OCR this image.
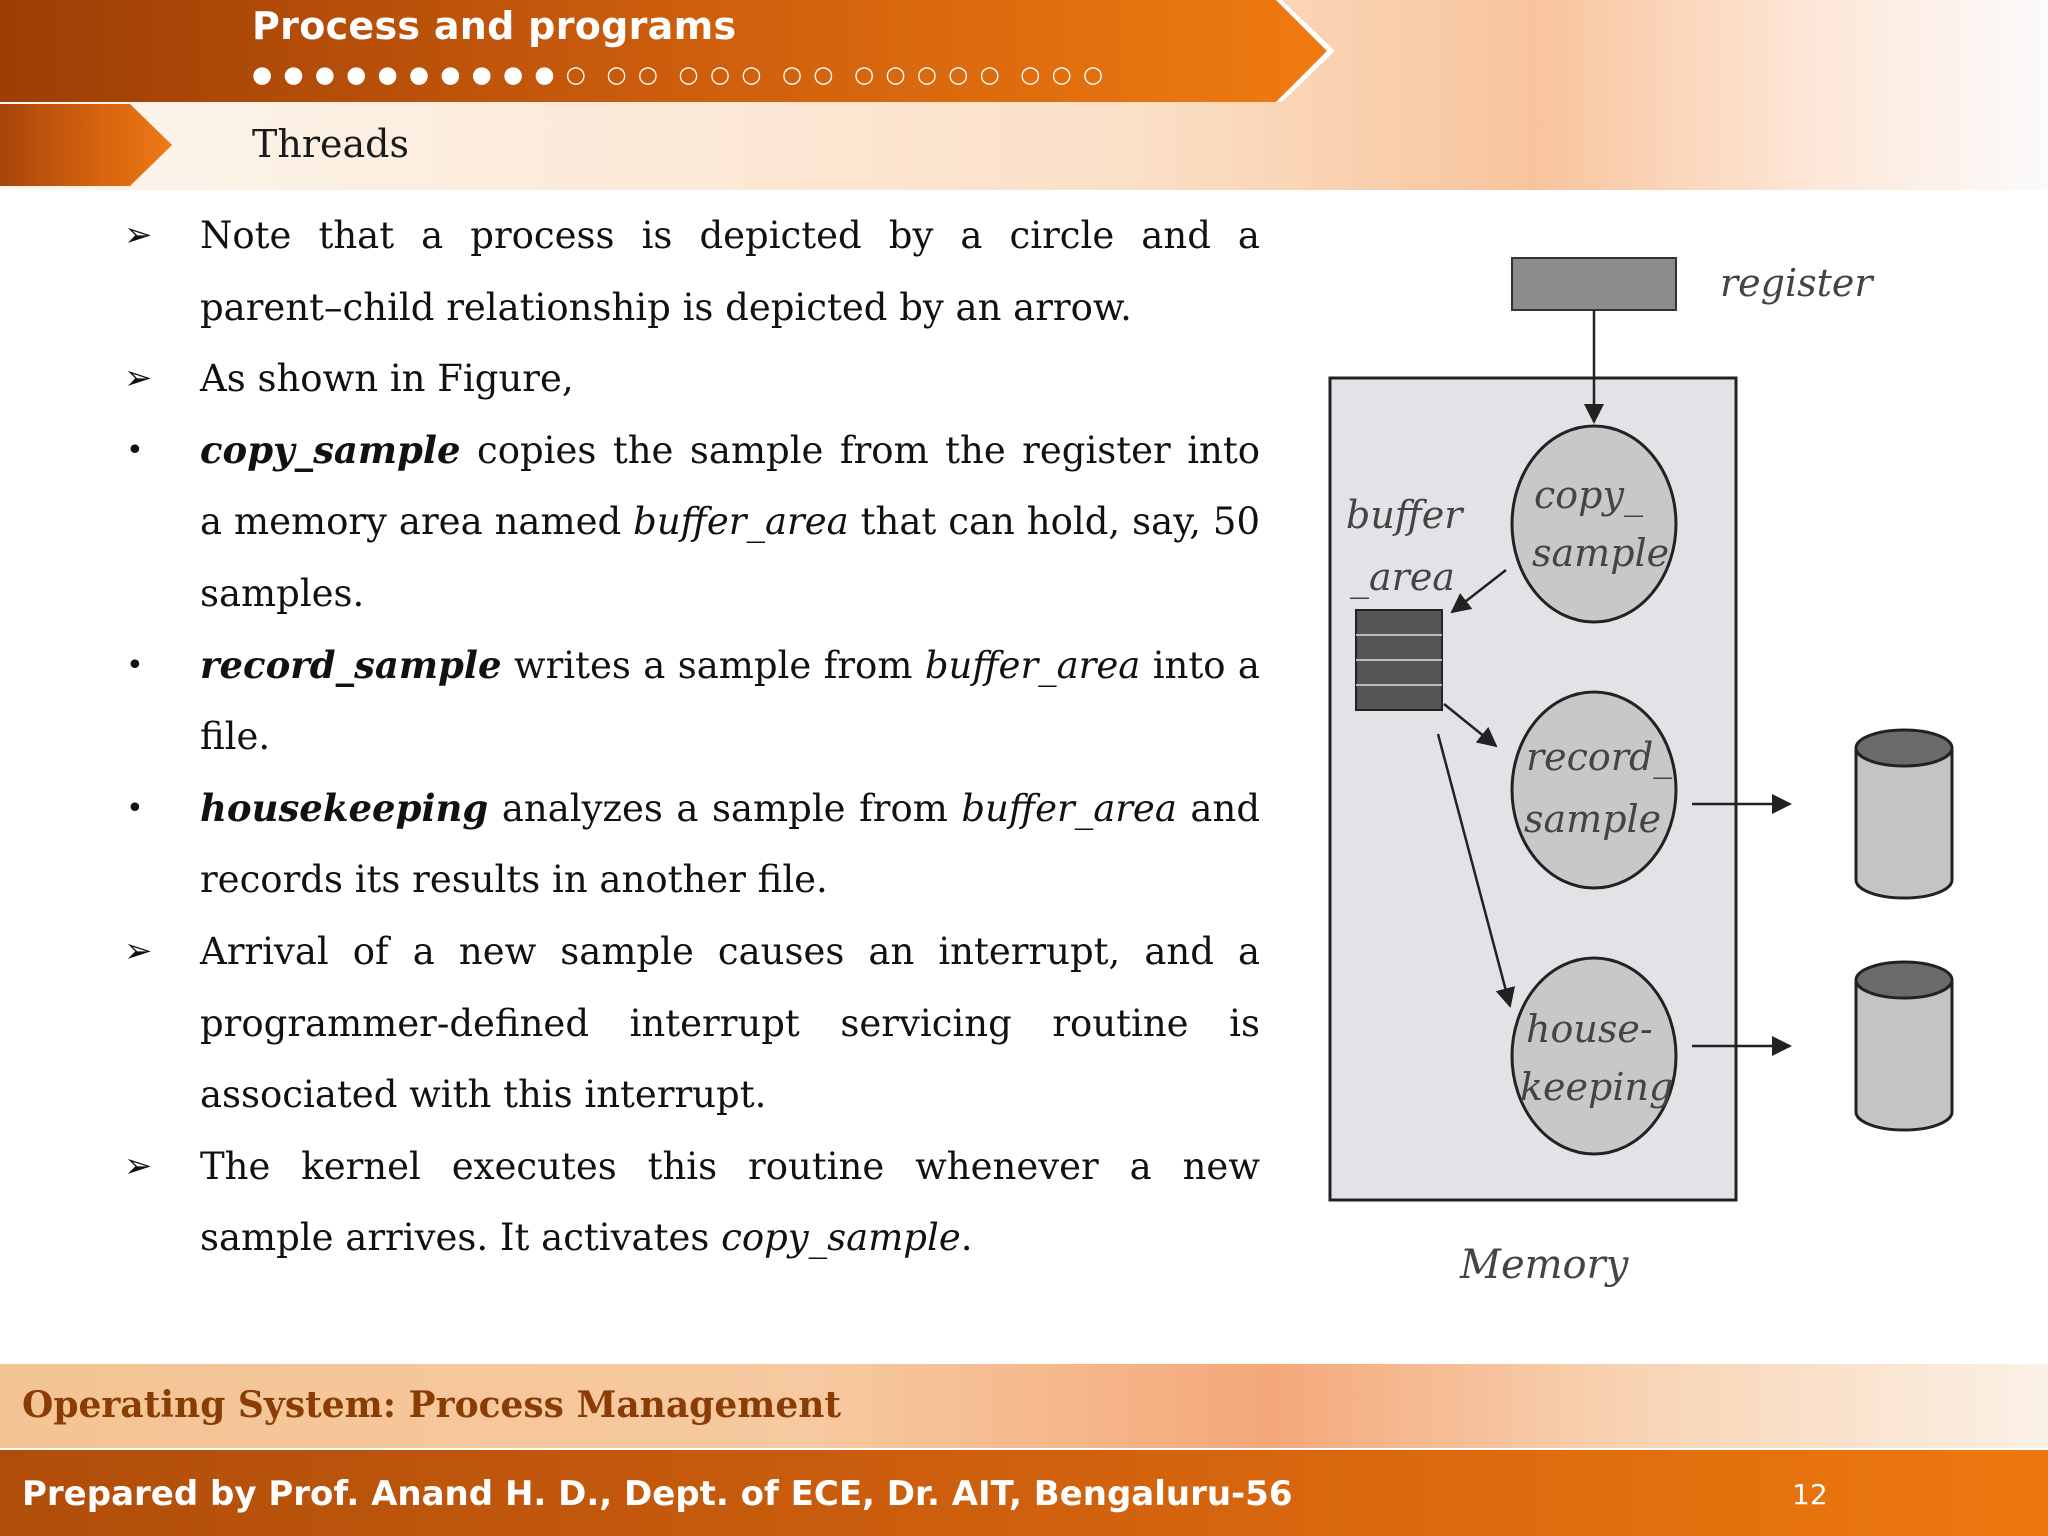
Process and programs
● ● ● ● ● ● ● ● ● ● ○  ○ ○  ○ ○ ○  ○ ○  ○ ○ ○ ○ ○  ○ ○ ○
Threads
➢ Note that a process is depicted by a circle and a parent–child relationship is depicted by an arrow.
➢ As shown in Figure,
• copy_sample copies the sample from the register into a memory area named buffer_area that can hold, say, 50 samples.
• record_sample writes a sample from buffer_area into a file.
• housekeeping analyzes a sample from buffer_area and records its results in another file.
➢ Arrival of a new sample causes an interrupt, and a programmer-defined interrupt servicing routine is associated with this interrupt.
➢ The kernel executes this routine whenever a new sample arrives. It activates copy_sample.
register
copy_
sample
record_
sample
house-
keeping
buffer
_area
Memory
Operating System: Process Management
Prepared by Prof. Anand H. D., Dept. of ECE, Dr. AIT, Bengaluru-56	12
